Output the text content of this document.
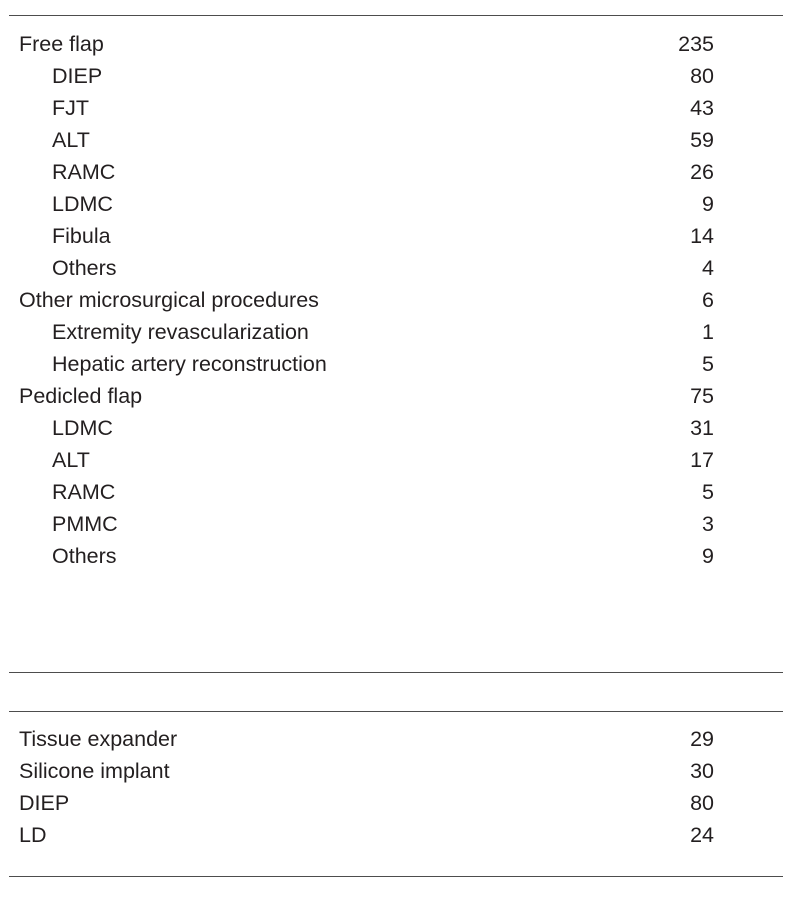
Free flap	235
DIEP	80
FJT	43
ALT	59
RAMC	26
LDMC	9
Fibula	14
Others	4
Other microsurgical procedures	6
Extremity revascularization	1
Hepatic artery reconstruction	5
Pedicled flap	75
LDMC	31
ALT	17
RAMC	5
PMMC	3
Others	9
Tissue expander	29
Silicone implant	30
DIEP	80
LD	24
